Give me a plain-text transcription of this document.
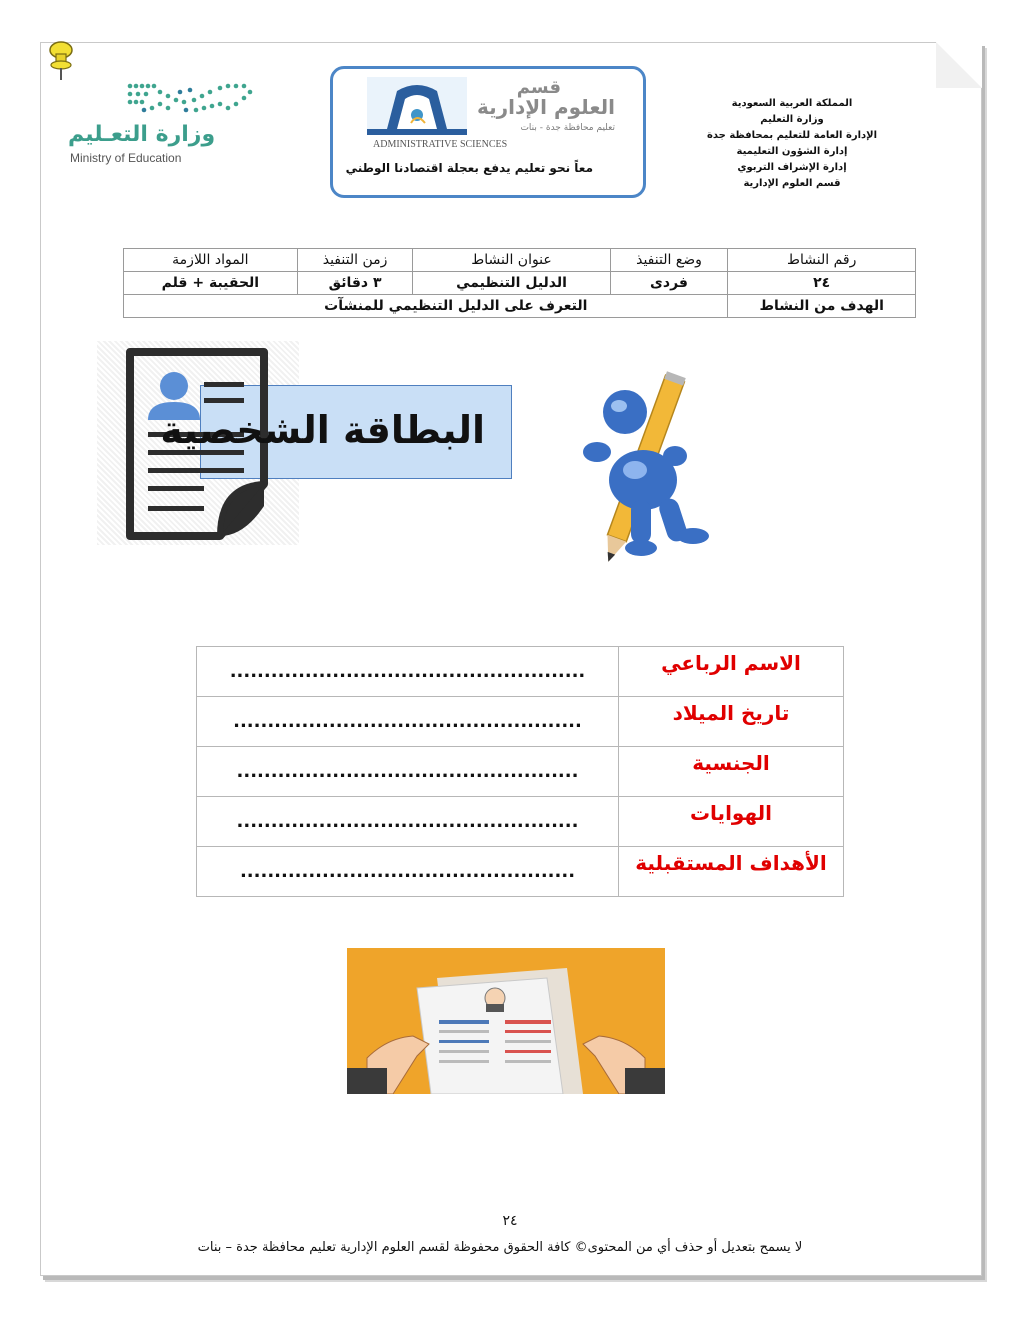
وزارة التعـليم
Ministry of Education
قسم
العلوم الإدارية
تعليم محافظة جدة - بنات
ADMINISTRATIVE SCIENCES
معاً نحو تعليم يدفع بعجلة اقتصادنا الوطني
المملكة العربية السعودية
وزارة التعليم
الإدارة العامة للتعليم بمحافظة جدة
إدارة الشؤون التعليمية
إدارة الإشراف التربوي
قسم العلوم الإدارية
رقم النشاط	وضع التنفيذ	عنوان النشاط	زمن التنفيذ	المواد اللازمة
٢٤	فردى	الدليل التنظيمي	٣ دقائق	الحقيبة + قلم
الهدف من النشاط	التعرف على الدليل التنظيمي للمنشآت			
البطاقة الشخصية
الاسم الرباعي	....................................................
تاريخ الميلاد	...................................................
الجنسية	..................................................
الهوايات	..................................................
الأهداف المستقبلية	.................................................
٢٤
لا يسمح بتعديل أو حذف أي من المحتوى© كافة الحقوق محفوظة لقسم العلوم الإدارية تعليم محافظة جدة – بنات
